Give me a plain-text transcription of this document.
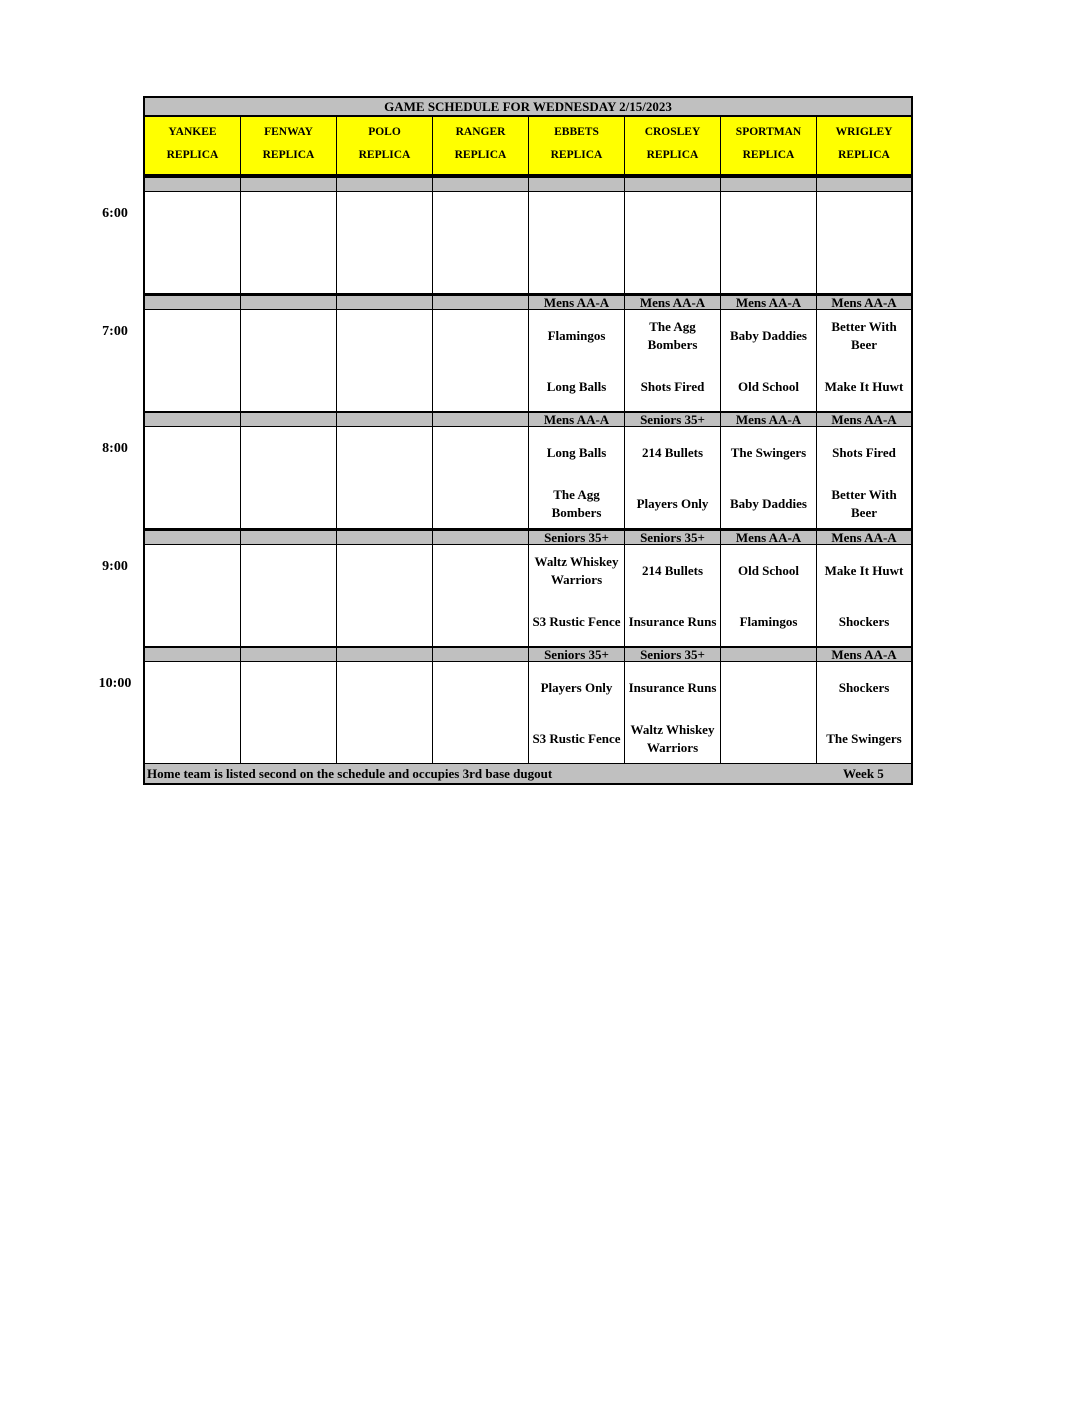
6:00
7:00
8:00
9:00
10:00
GAME SCHEDULE FOR WEDNESDAY 2/15/2023
YANKEE
REPLICA
FENWAY
REPLICA
POLO
REPLICA
RANGER
REPLICA
EBBETS
REPLICA
CROSLEY
REPLICA
SPORTMAN
REPLICA
WRIGLEY
REPLICA
Mens AA-A
Flamingos
Long Balls
Mens AA-A
The Agg Bombers
Shots Fired
Mens AA-A
Baby Daddies
Old School
Mens AA-A
Better With Beer
Make It Huwt
Mens AA-A
Long Balls
The Agg Bombers
Seniors 35+
214 Bullets
Players Only
Mens AA-A
The Swingers
Baby Daddies
Mens AA-A
Shots Fired
Better With Beer
Seniors 35+
Waltz Whiskey Warriors
S3 Rustic Fence
Seniors 35+
214 Bullets
Insurance Runs
Mens AA-A
Old School
Flamingos
Mens AA-A
Make It Huwt
Shockers
Seniors 35+
Players Only
S3 Rustic Fence
Seniors 35+
Insurance Runs
Waltz Whiskey Warriors
Mens AA-A
Shockers
The Swingers
Home team is listed second on the schedule and occupies 3rd base dugout	Week 5
